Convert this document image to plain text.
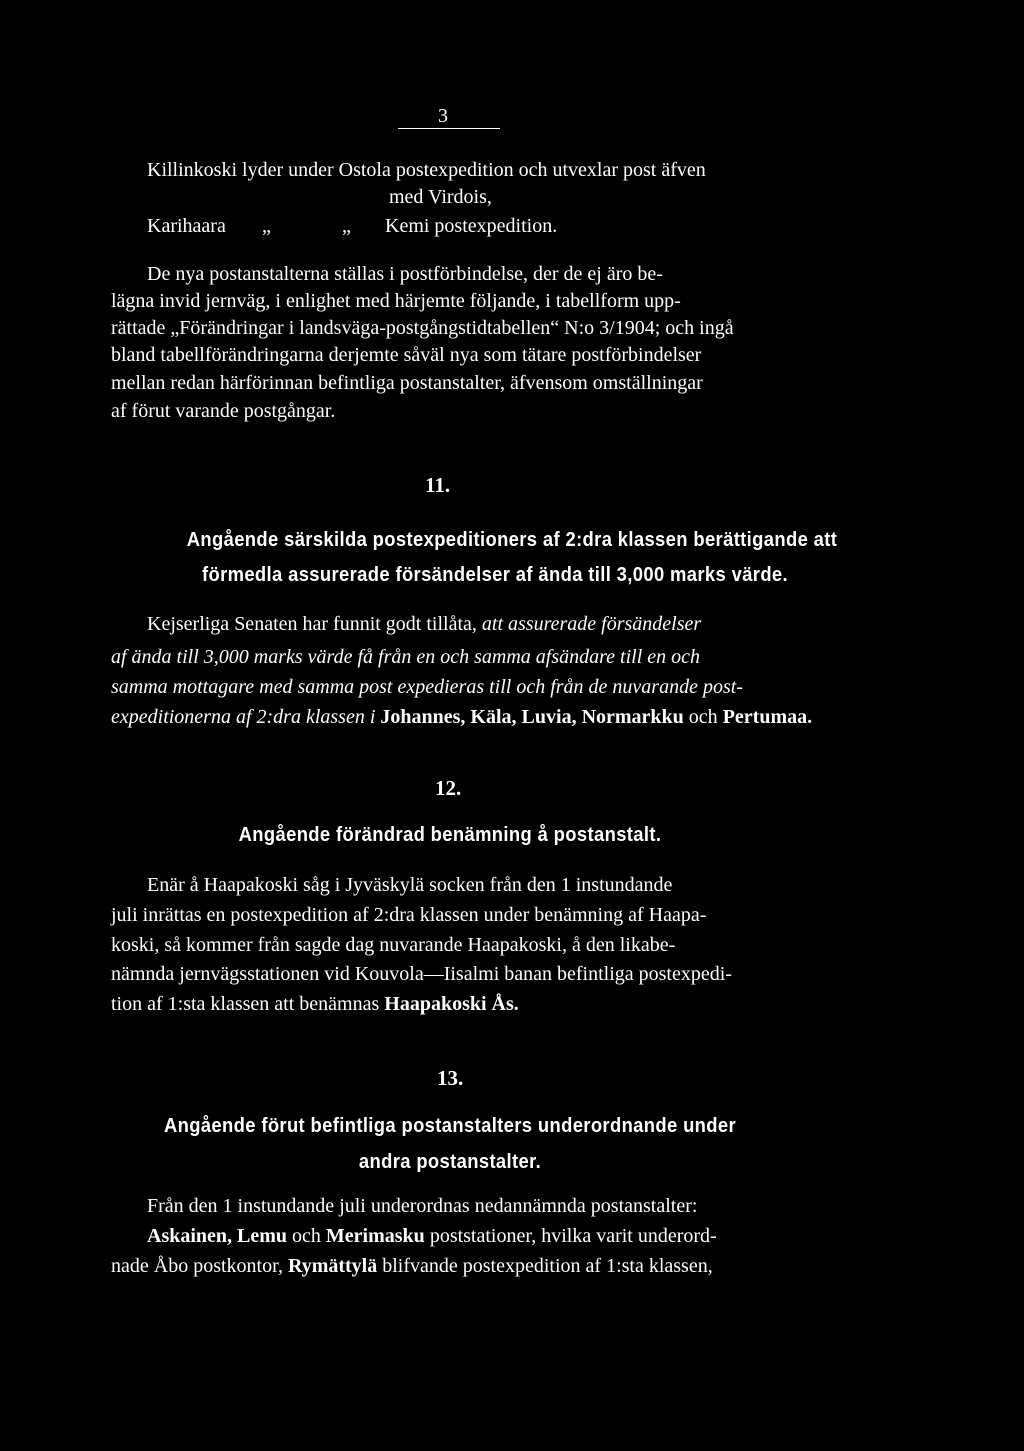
3
Killinkoski lyder under Ostola postexpedition och utvexlar post äfven
med Virdois,
Karihaara „	„ Kemi postexpedition.
De nya postanstalterna ställas i postförbindelse, der de ej äro be-
lägna invid jernväg, i enlighet med härjemte följande, i tabellform upp-
rättade „Förändringar i landsväga-postgångstidtabellen“ N:o 3/1904; och ingå
bland tabellförändringarna derjemte såväl nya som tätare postförbindelser
mellan redan härförinnan befintliga postanstalter, äfvensom omställningar
af förut varande postgångar.
11.
Angående särskilda postexpeditioners af 2:dra klassen berättigande att
förmedla assurerade försändelser af ända till 3,000 marks värde.
Kejserliga Senaten har funnit godt tillåta, att assurerade försändelser
af ända till 3,000 marks värde få från en och samma afsändare till en och
samma mottagare med samma post expedieras till och från de nuvarande post-
expeditionerna af 2:dra klassen i Johannes, Käla, Luvia, Normarkku och Pertumaa.
12.
Angående förändrad benämning å postanstalt.
Enär å Haapakoski såg i Jyväskylä socken från den 1 instundande
juli inrättas en postexpedition af 2:dra klassen under benämning af Haapa-
koski, så kommer från sagde dag nuvarande Haapakoski, å den likabe-
nämnda jernvägsstationen vid Kouvola—Iisalmi banan befintliga postexpedi-
tion af 1:sta klassen att benämnas Haapakoski Ås.
13.
Angående förut befintliga postanstalters underordnande under
andra postanstalter.
Från den 1 instundande juli underordnas nedannämnda postanstalter:
Askainen, Lemu och Merimasku poststationer, hvilka varit underord-
nade Åbo postkontor, Rymättylä blifvande postexpedition af 1:sta klassen,
